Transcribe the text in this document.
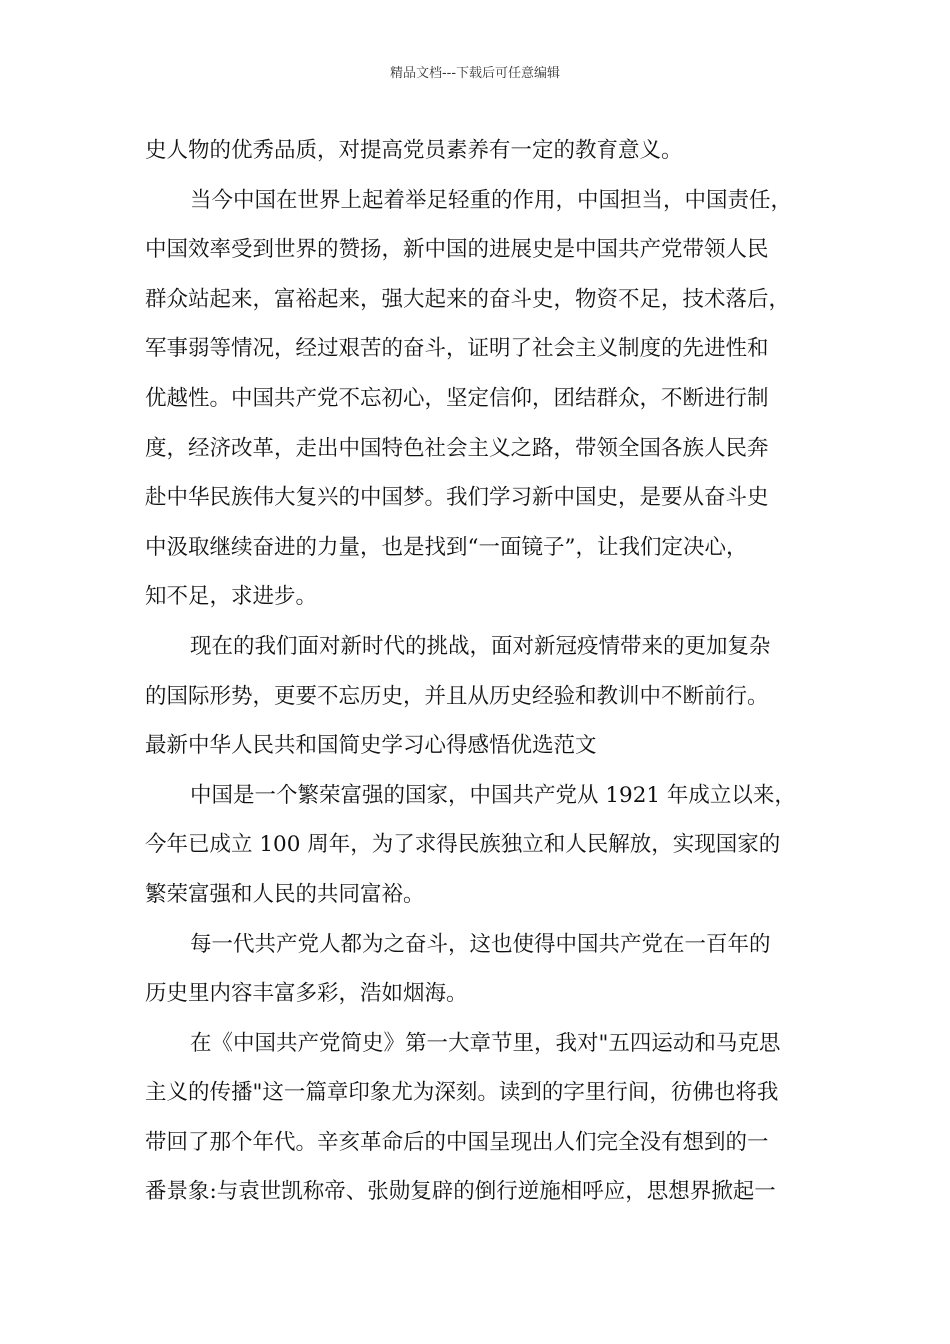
精品文档---下载后可任意编辑
史人物的优秀品质，对提高党员素养有一定的教育意义。
当今中国在世界上起着举足轻重的作用，中国担当，中国责任，
中国效率受到世界的赞扬，新中国的进展史是中国共产党带领人民
群众站起来，富裕起来，强大起来的奋斗史，物资不足，技术落后，
军事弱等情况，经过艰苦的奋斗，证明了社会主义制度的先进性和
优越性。中国共产党不忘初心，坚定信仰，团结群众，不断进行制
度，经济改革，走出中国特色社会主义之路，带领全国各族人民奔
赴中华民族伟大复兴的中国梦。我们学习新中国史，是要从奋斗史
中汲取继续奋进的力量，也是找到“一面镜子”，让我们定决心，
知不足，求进步。
现在的我们面对新时代的挑战，面对新冠疫情带来的更加复杂
的国际形势，更要不忘历史，并且从历史经验和教训中不断前行。
最新中华人民共和国简史学习心得感悟优选范文
中国是一个繁荣富强的国家，中国共产党从 1921 年成立以来，
今年已成立 100 周年，为了求得民族独立和人民解放，实现国家的
繁荣富强和人民的共同富裕。
每一代共产党人都为之奋斗，这也使得中国共产党在一百年的
历史里内容丰富多彩，浩如烟海。
在《中国共产党简史》第一大章节里，我对"五四运动和马克思
主义的传播"这一篇章印象尤为深刻。读到的字里行间，彷佛也将我
带回了那个年代。辛亥革命后的中国呈现出人们完全没有想到的一
番景象:与袁世凯称帝、张勋复辟的倒行逆施相呼应，思想界掀起一
